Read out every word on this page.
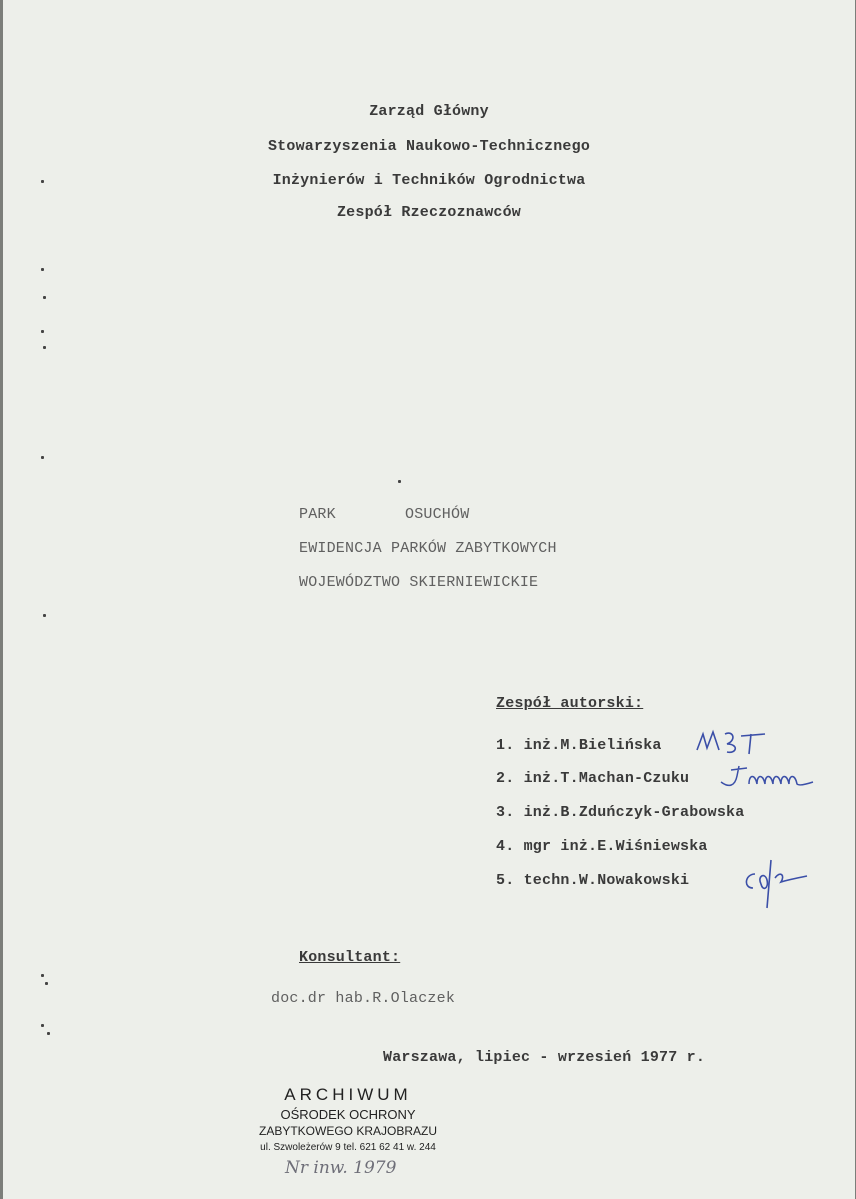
Zarząd Główny
Stowarzyszenia Naukowo-Technicznego
Inżynierów i Techników Ogrodnictwa
Zespół Rzeczoznawców
PARK	OSUCHÓW
EWIDENCJA PARKÓW ZABYTKOWYCH
WOJEWÓDZTWO SKIERNIEWICKIE
Zespół autorski:
1. inż.M.Bielińska
2. inż.T.Machan-Czuku
3. inż.B.Zduńczyk-Grabowska
4. mgr inż.E.Wiśniewska
5. techn.W.Nowakowski
Konsultant:
doc.dr hab.R.Olaczek
Warszawa, lipiec - wrzesień 1977 r.
ARCHIWUM
OŚRODEK OCHRONY
ZABYTKOWEGO KRAJOBRAZU
ul. Szwoleżerów 9 tel. 621 62 41 w. 244
Nr inw. 1979
